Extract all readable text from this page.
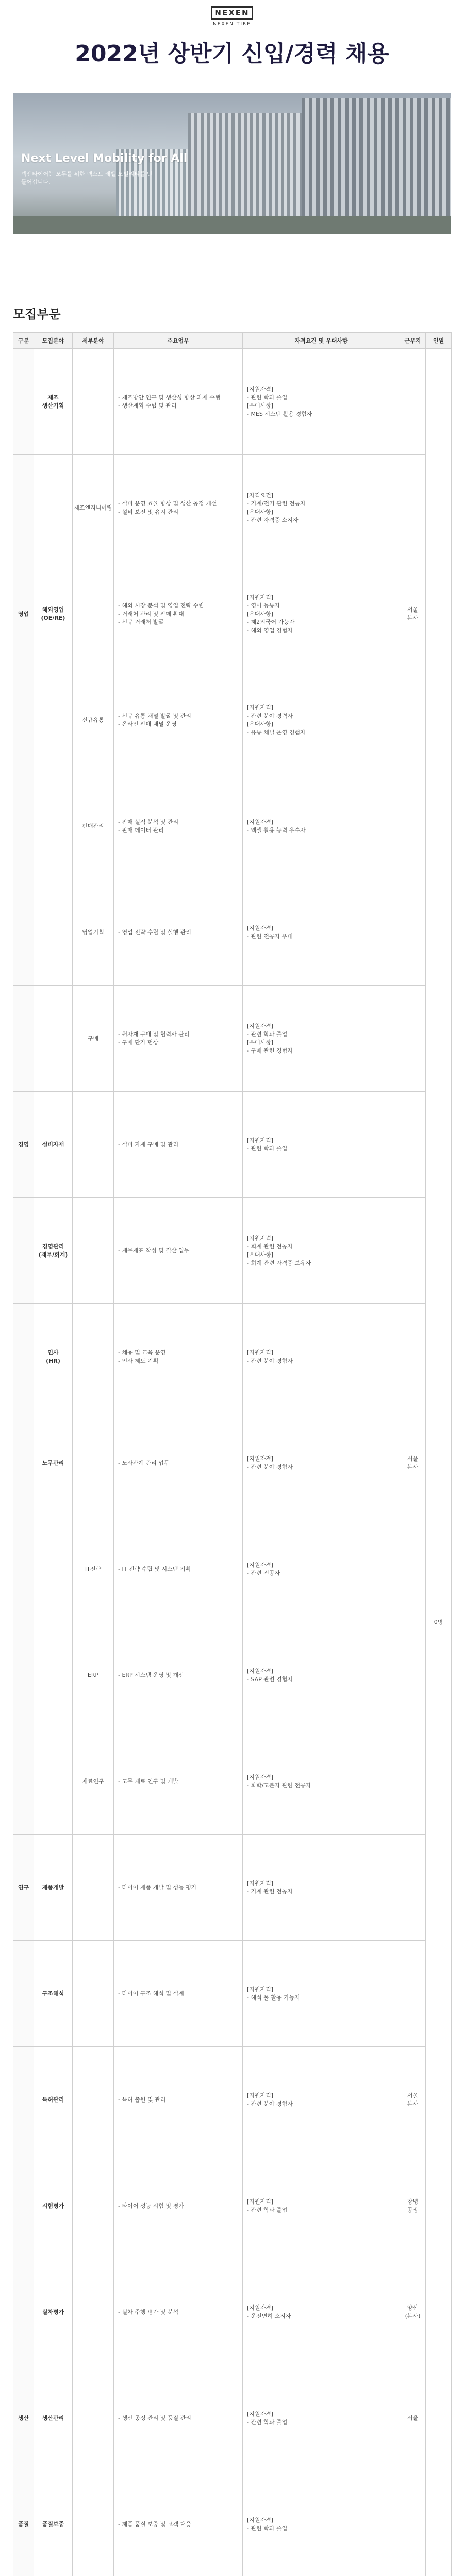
NEXEN
NEXEN TIRE
2022년 상반기 신입/경력 채용
Next Level Mobility for All
넥센타이어는 모두를 위한 넥스트 레벨 모빌리티를 만들어갑니다.
모집부문
구분	모집분야	세부분야	주요업무	자격요건 및 우대사항	근무지	인원
	제조
생산기획		- 제조방안 연구 및 생산성 향상 과제 수행
- 생산계획 수립 및 관리	[지원자격]
- 관련 학과 졸업
[우대사항]
- MES 시스템 활용 경험자		0명
		제조엔지니어링	- 설비 운영 효율 향상 및 생산 공정 개선
- 설비 보전 및 유지 관리	[자격요건]
- 기계/전기 관련 전공자
[우대사항]
- 관련 자격증 소지자		
영업	해외영업
(OE/RE)		- 해외 시장 분석 및 영업 전략 수립
- 거래처 관리 및 판매 확대
- 신규 거래처 발굴	[지원자격]
- 영어 능통자
[우대사항]
- 제2외국어 가능자
- 해외 영업 경험자	서울
본사	
		신규유통	- 신규 유통 채널 발굴 및 관리
- 온라인 판매 채널 운영	[지원자격]
- 관련 분야 경력자
[우대사항]
- 유통 채널 운영 경험자		
		판매관리	- 판매 실적 분석 및 관리
- 판매 데이터 관리	[지원자격]
- 엑셀 활용 능력 우수자		
		영업기획	- 영업 전략 수립 및 실행 관리	[지원자격]
- 관련 전공자 우대		
		구매	- 원자재 구매 및 협력사 관리
- 구매 단가 협상	[지원자격]
- 관련 학과 졸업
[우대사항]
- 구매 관련 경험자		
경영	설비자재		- 설비 자재 구매 및 관리	[지원자격]
- 관련 학과 졸업		
	경영관리
(재무/회계)		- 재무제표 작성 및 결산 업무	[지원자격]
- 회계 관련 전공자
[우대사항]
- 회계 관련 자격증 보유자		
	인사
(HR)		- 채용 및 교육 운영
- 인사 제도 기획	[지원자격]
- 관련 분야 경험자		
	노무관리		- 노사관계 관리 업무	[지원자격]
- 관련 분야 경험자	서울
본사	
		IT전략	- IT 전략 수립 및 시스템 기획	[지원자격]
- 관련 전공자		
		ERP	- ERP 시스템 운영 및 개선	[지원자격]
- SAP 관련 경험자		
		재료연구	- 고무 재료 연구 및 개발	[지원자격]
- 화학/고분자 관련 전공자		
연구	제품개발		- 타이어 제품 개발 및 성능 평가	[지원자격]
- 기계 관련 전공자		
	구조해석		- 타이어 구조 해석 및 설계	[지원자격]
- 해석 툴 활용 가능자		
	특허관리		- 특허 출원 및 관리	[지원자격]
- 관련 분야 경험자	서울
본사	
	시험평가		- 타이어 성능 시험 및 평가	[지원자격]
- 관련 학과 졸업	창녕
공장	
	실차평가		- 실차 주행 평가 및 분석	[지원자격]
- 운전면허 소지자	양산
(본사)	
생산	생산관리		- 생산 공정 관리 및 품질 관리	[지원자격]
- 관련 학과 졸업	서울	
품질	품질보증		- 제품 품질 보증 및 고객 대응	[지원자격]
- 관련 학과 졸업		
